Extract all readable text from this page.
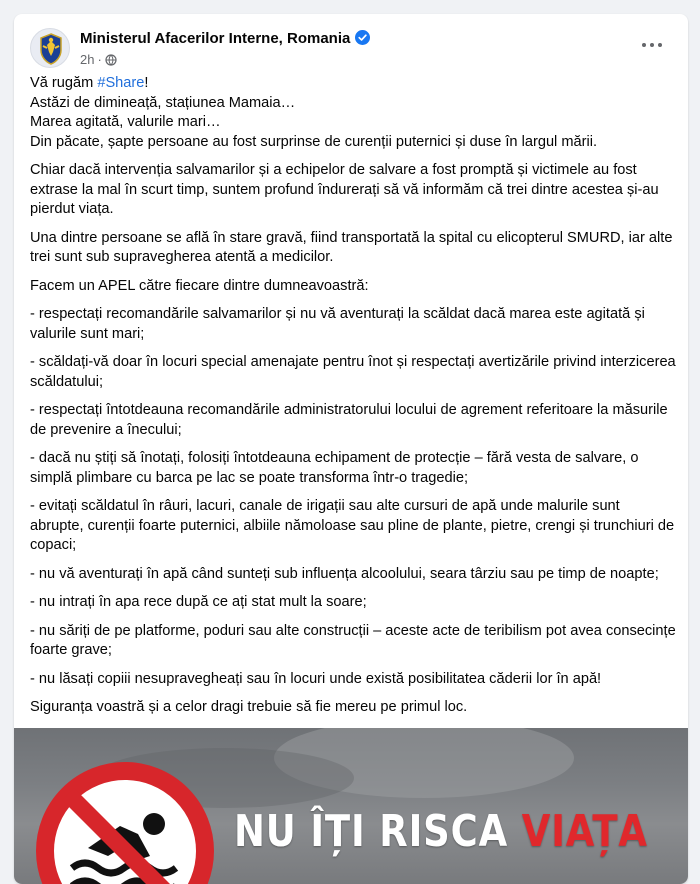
Ministerul Afacerilor Interne, Romania
2h ·

Vă rugăm #Share!
Astăzi de dimineață, stațiunea Mamaia…
Marea agitată, valurile mari…
Din păcate, șapte persoane au fost surprinse de curenții puternici și duse în largul mării.

Chiar dacă intervenția salvamarilor și a echipelor de salvare a fost promptă și victimele au fost extrase la mal în scurt timp, suntem profund îndurerați să vă informăm că trei dintre acestea și-au pierdut viața.

Una dintre persoane se află în stare gravă, fiind transportată la spital cu elicopterul SMURD, iar alte trei sunt sub supravegherea atentă a medicilor.

Facem un APEL către fiecare dintre dumneavoastră:

- respectați recomandările salvamarilor și nu vă aventurați la scăldat dacă marea este agitată și valurile sunt mari;

- scăldați-vă doar în locuri special amenajate pentru înot și respectați avertizările privind interzicerea scăldatului;

- respectați întotdeauna recomandările administratorului locului de agrement referitoare la măsurile de prevenire a înecului;

- dacă nu știți să înotați, folosiți întotdeauna echipament de protecție – fără vesta de salvare, o simplă plimbare cu barca pe lac se poate transforma într-o tragedie;

- evitați scăldatul în râuri, lacuri, canale de irigații sau alte cursuri de apă unde malurile sunt abrupte, curenții foarte puternici, albiile nămoloase sau pline de plante, pietre, crengi și trunchiuri de copaci;

- nu vă aventurați în apă când sunteți sub influența alcoolului, seara târziu sau pe timp de noapte;

- nu intrați în apa rece după ce ați stat mult la soare;

- nu săriți de pe platforme, poduri sau alte construcții – aceste acte de teribilism pot avea consecințe foarte grave;

- nu lăsați copiii nesupravegheați sau în locuri unde există posibilitatea căderii lor în apă!

Siguranța voastră și a celor dragi trebuie să fie mereu pe primul loc.

NU ÎȚI RISCA VIAȚA
